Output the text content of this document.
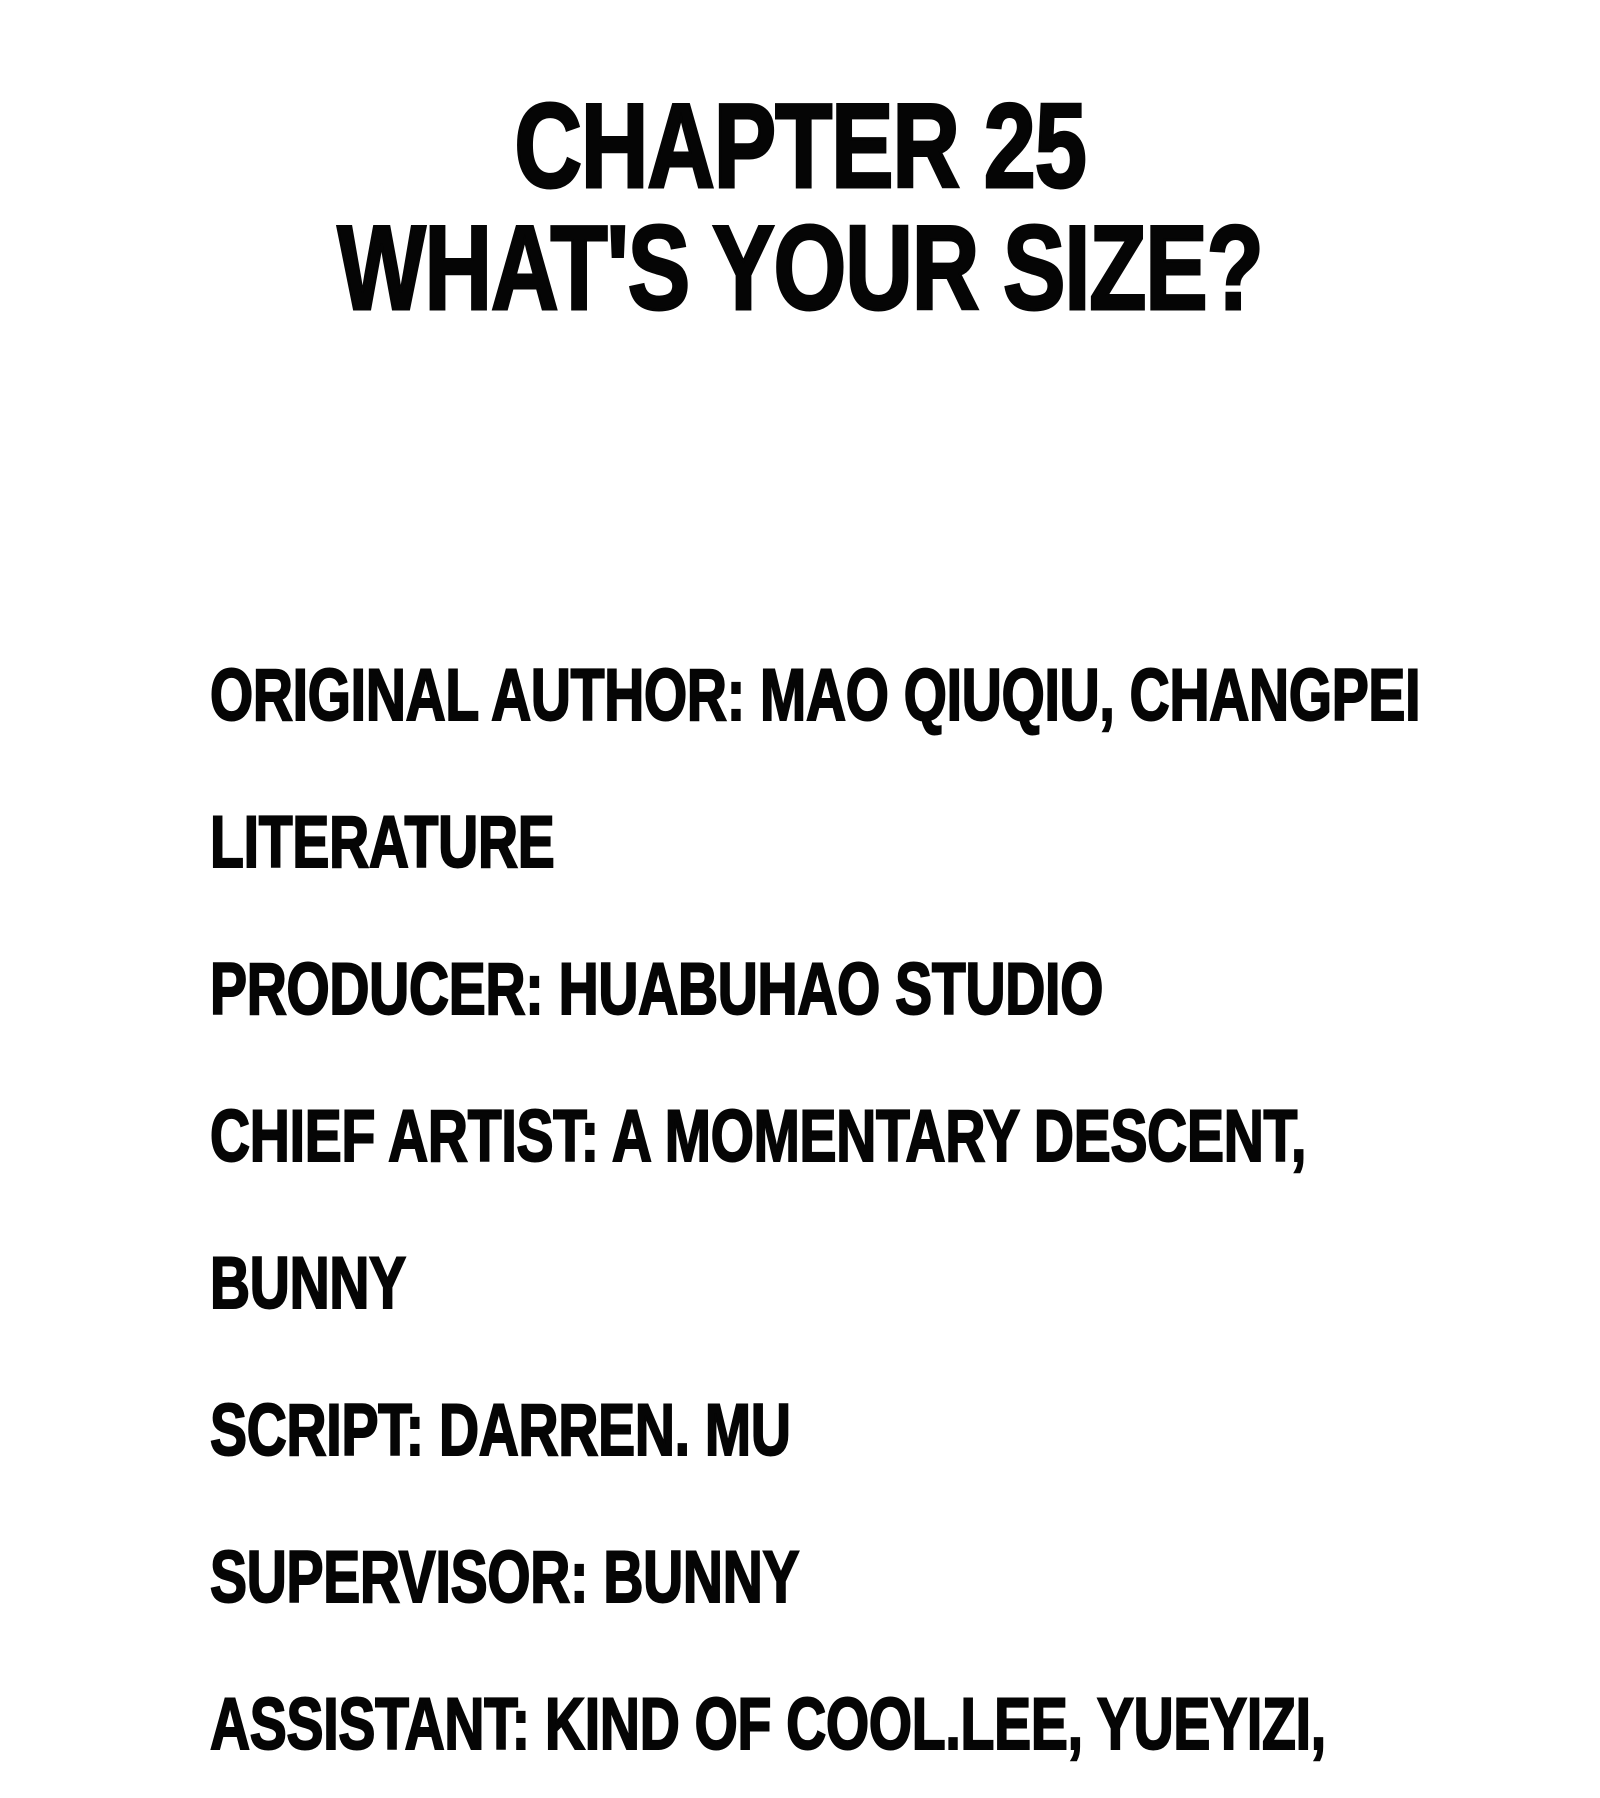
CHAPTER 25
WHAT'S YOUR SIZE?
ORIGINAL AUTHOR: MAO QIUQIU, CHANGPEI
LITERATURE
PRODUCER: HUABUHAO STUDIO
CHIEF ARTIST: A MOMENTARY DESCENT,
BUNNY
SCRIPT: DARREN. MU
SUPERVISOR: BUNNY
ASSISTANT: KIND OF COOL.LEE, YUEYIZI,
